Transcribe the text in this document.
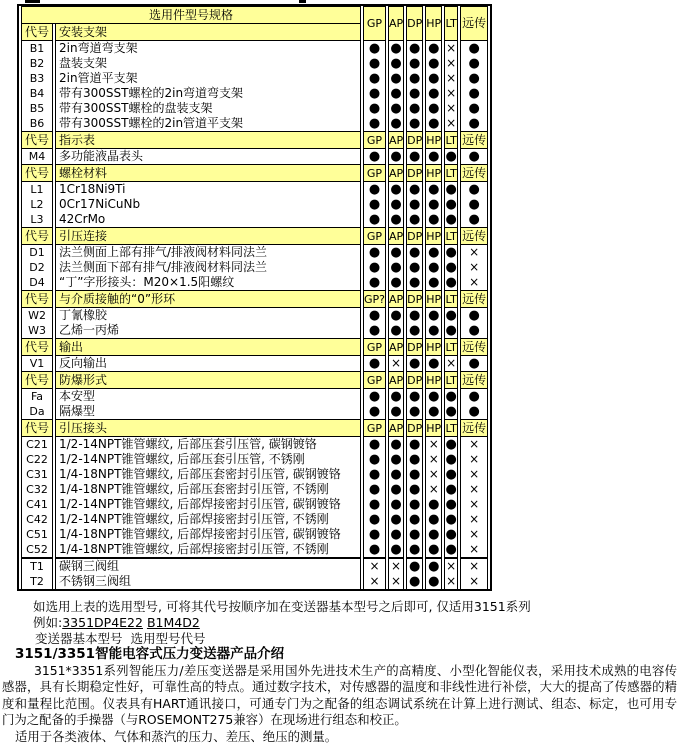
选用件型号规格		GP	AP	DP	HP	LT	远传
代号	安装支架						
B1	2in弯道弯支架	●	●	●	●	×	●
B2	盘装支架	●	●	●	●	×	●
B3	2in管道平支架	●	●	●	●	×	●
B4	带有300SST螺栓的2in弯道弯支架	●	●	●	●	×	●
B5	带有300SST螺栓的盘装支架	●	●	●	●	×	●
B6	带有300SST螺栓的2in管道平支架	●	●	●	●	×	●
代号	指示表	GP	AP	DP	HP	LT	远传
M4	多功能液晶表头	●	●	●	●	●	●
代号	螺栓材料	GP	AP	DP	HP	LT	远传
L1	1Cr18Ni9Ti	●	●	●	●	●	●
L2	0Cr17NiCuNb	●	●	●	●	●	●
L3	42CrMo	●	●	●	●	●	●
代号	引压连接	GP	AP	DP	HP	LT	远传
D1	法兰侧面上部有排气/排液阀材料同法兰	●	●	●	●	●	×
D2	法兰侧面下部有排气/排液阀材料同法兰	●	●	●	●	●	×
D4	“丁”字形接头：M20×1.5阳螺纹	●	●	●	●	●	×
代号	与介质接触的“0”形环	GP?	AP	DP	HP	LT	远传
W2	丁氰橡胶	●	●	●	●	●	●
W3	乙烯一丙烯	●	●	●	●	●	●
代号	输出	GP	AP	DP	HP	LT	远传
V1	反向输出	●	×	●	●	×	●
代号	防爆形式	GP	AP	DP	HP	LT	远传
Fa	本安型	●	●	●	●	●	●
Da	隔爆型	●	●	●	●	●	●
代号	引压接头	GP	AP	DP	HP	LT	远传
C21	1/2-14NPT锥管螺纹, 后部压套引压管, 碳钢镀铬	●	●	●	×	●	×
C22	1/2-14NPT锥管螺纹, 后部压套引压管, 不锈刚	●	●	●	×	●	×
C31	1/4-18NPT锥管螺纹, 后部压套密封引压管, 碳钢镀铬	●	●	●	×	●	×
C32	1/4-18NPT锥管螺纹, 后部压套密封引压管, 不锈刚	●	●	●	×	●	×
C41	1/2-14NPT锥管螺纹, 后部焊接密封引压管, 碳钢镀铬	●	●	●	●	●	×
C42	1/2-14NPT锥管螺纹, 后部焊接密封引压管, 不锈刚	●	●	●	●	●	×
C51	1/4-18NPT锥管螺纹, 后部焊接密封引压管, 碳钢镀铬	●	●	●	●	●	×
C52	1/4-18NPT锥管螺纹, 后部焊接密封引压管, 不锈刚	●	●	●	●	●	×
T1	碳钢三阀组	×	×	●	●	×	×
T2	不锈钢三阀组	×	×	●	●	×	×
如选用上表的选用型号, 可将其代号按顺序加在变送器基本型号之后即可, 仅适用3151系列
例如:3351DP4E22 B1M4D2
变送器基本型号  选用型号代号
3151/3351智能电容式压力变送器产品介绍
3151*3351系列智能压力/差压变送器是采用国外先进技术生产的高精度、小型化智能仪表，采用技术成熟的电容传感器，具有长期稳定性好，可靠性高的特点。通过数字技术，对传感器的温度和非线性进行补偿，大大的提高了传感器的精度和量程比范围。仪表具有HART通讯接口，可通专门为之配备的组态调试系统在计算上进行测试、组态、标定，也可用专门为之配备的手操器（与ROSEMONT275兼容）在现场进行组态和校正。
适用于各类液体、气体和蒸汽的压力、差压、绝压的测量。
